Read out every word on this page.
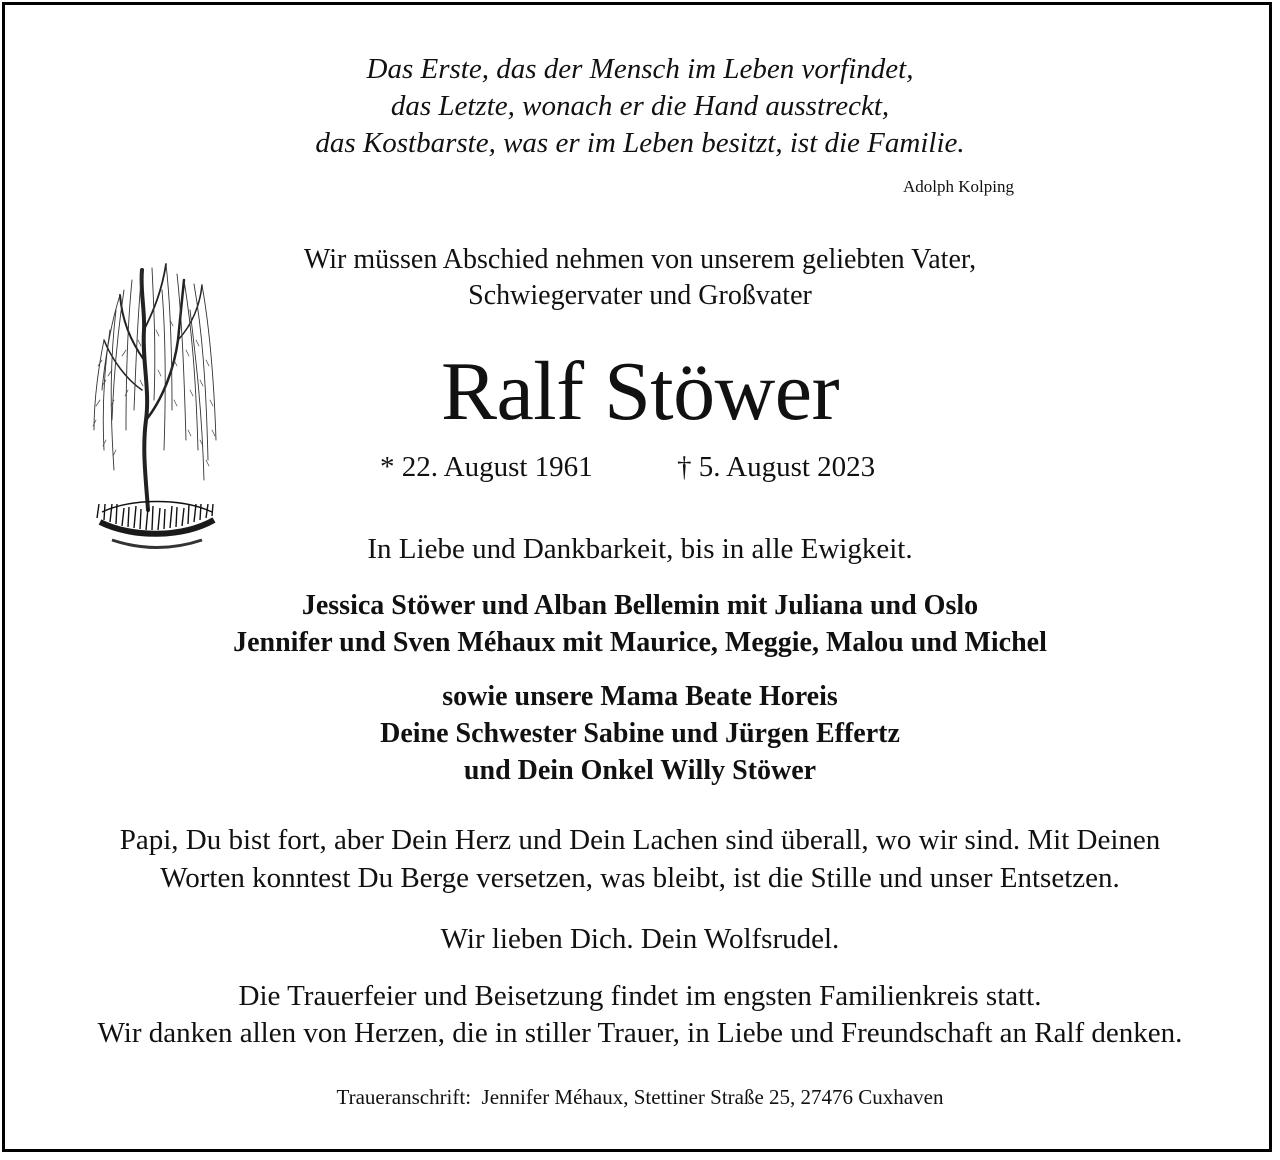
Das Erste, das der Mensch im Leben vorfindet,
das Letzte, wonach er die Hand ausstreckt,
das Kostbarste, was er im Leben besitzt, ist die Familie.
Adolph Kolping
Wir müssen Abschied nehmen von unserem geliebten Vater,
Schwiegervater und Großvater
Ralf Stöwer
* 22. August 1961	† 5. August 2023
In Liebe und Dankbarkeit, bis in alle Ewigkeit.
Jessica Stöwer und Alban Bellemin mit Juliana und Oslo
Jennifer und Sven Méhaux mit Maurice, Meggie, Malou und Michel
sowie unsere Mama Beate Horeis
Deine Schwester Sabine und Jürgen Effertz
und Dein Onkel Willy Stöwer
Papi, Du bist fort, aber Dein Herz und Dein Lachen sind überall, wo wir sind. Mit Deinen
Worten konntest Du Berge versetzen, was bleibt, ist die Stille und unser Entsetzen.
Wir lieben Dich. Dein Wolfsrudel.
Die Trauerfeier und Beisetzung findet im engsten Familienkreis statt.
Wir danken allen von Herzen, die in stiller Trauer, in Liebe und Freundschaft an Ralf denken.
Traueranschrift:  Jennifer Méhaux, Stettiner Straße 25, 27476 Cuxhaven
